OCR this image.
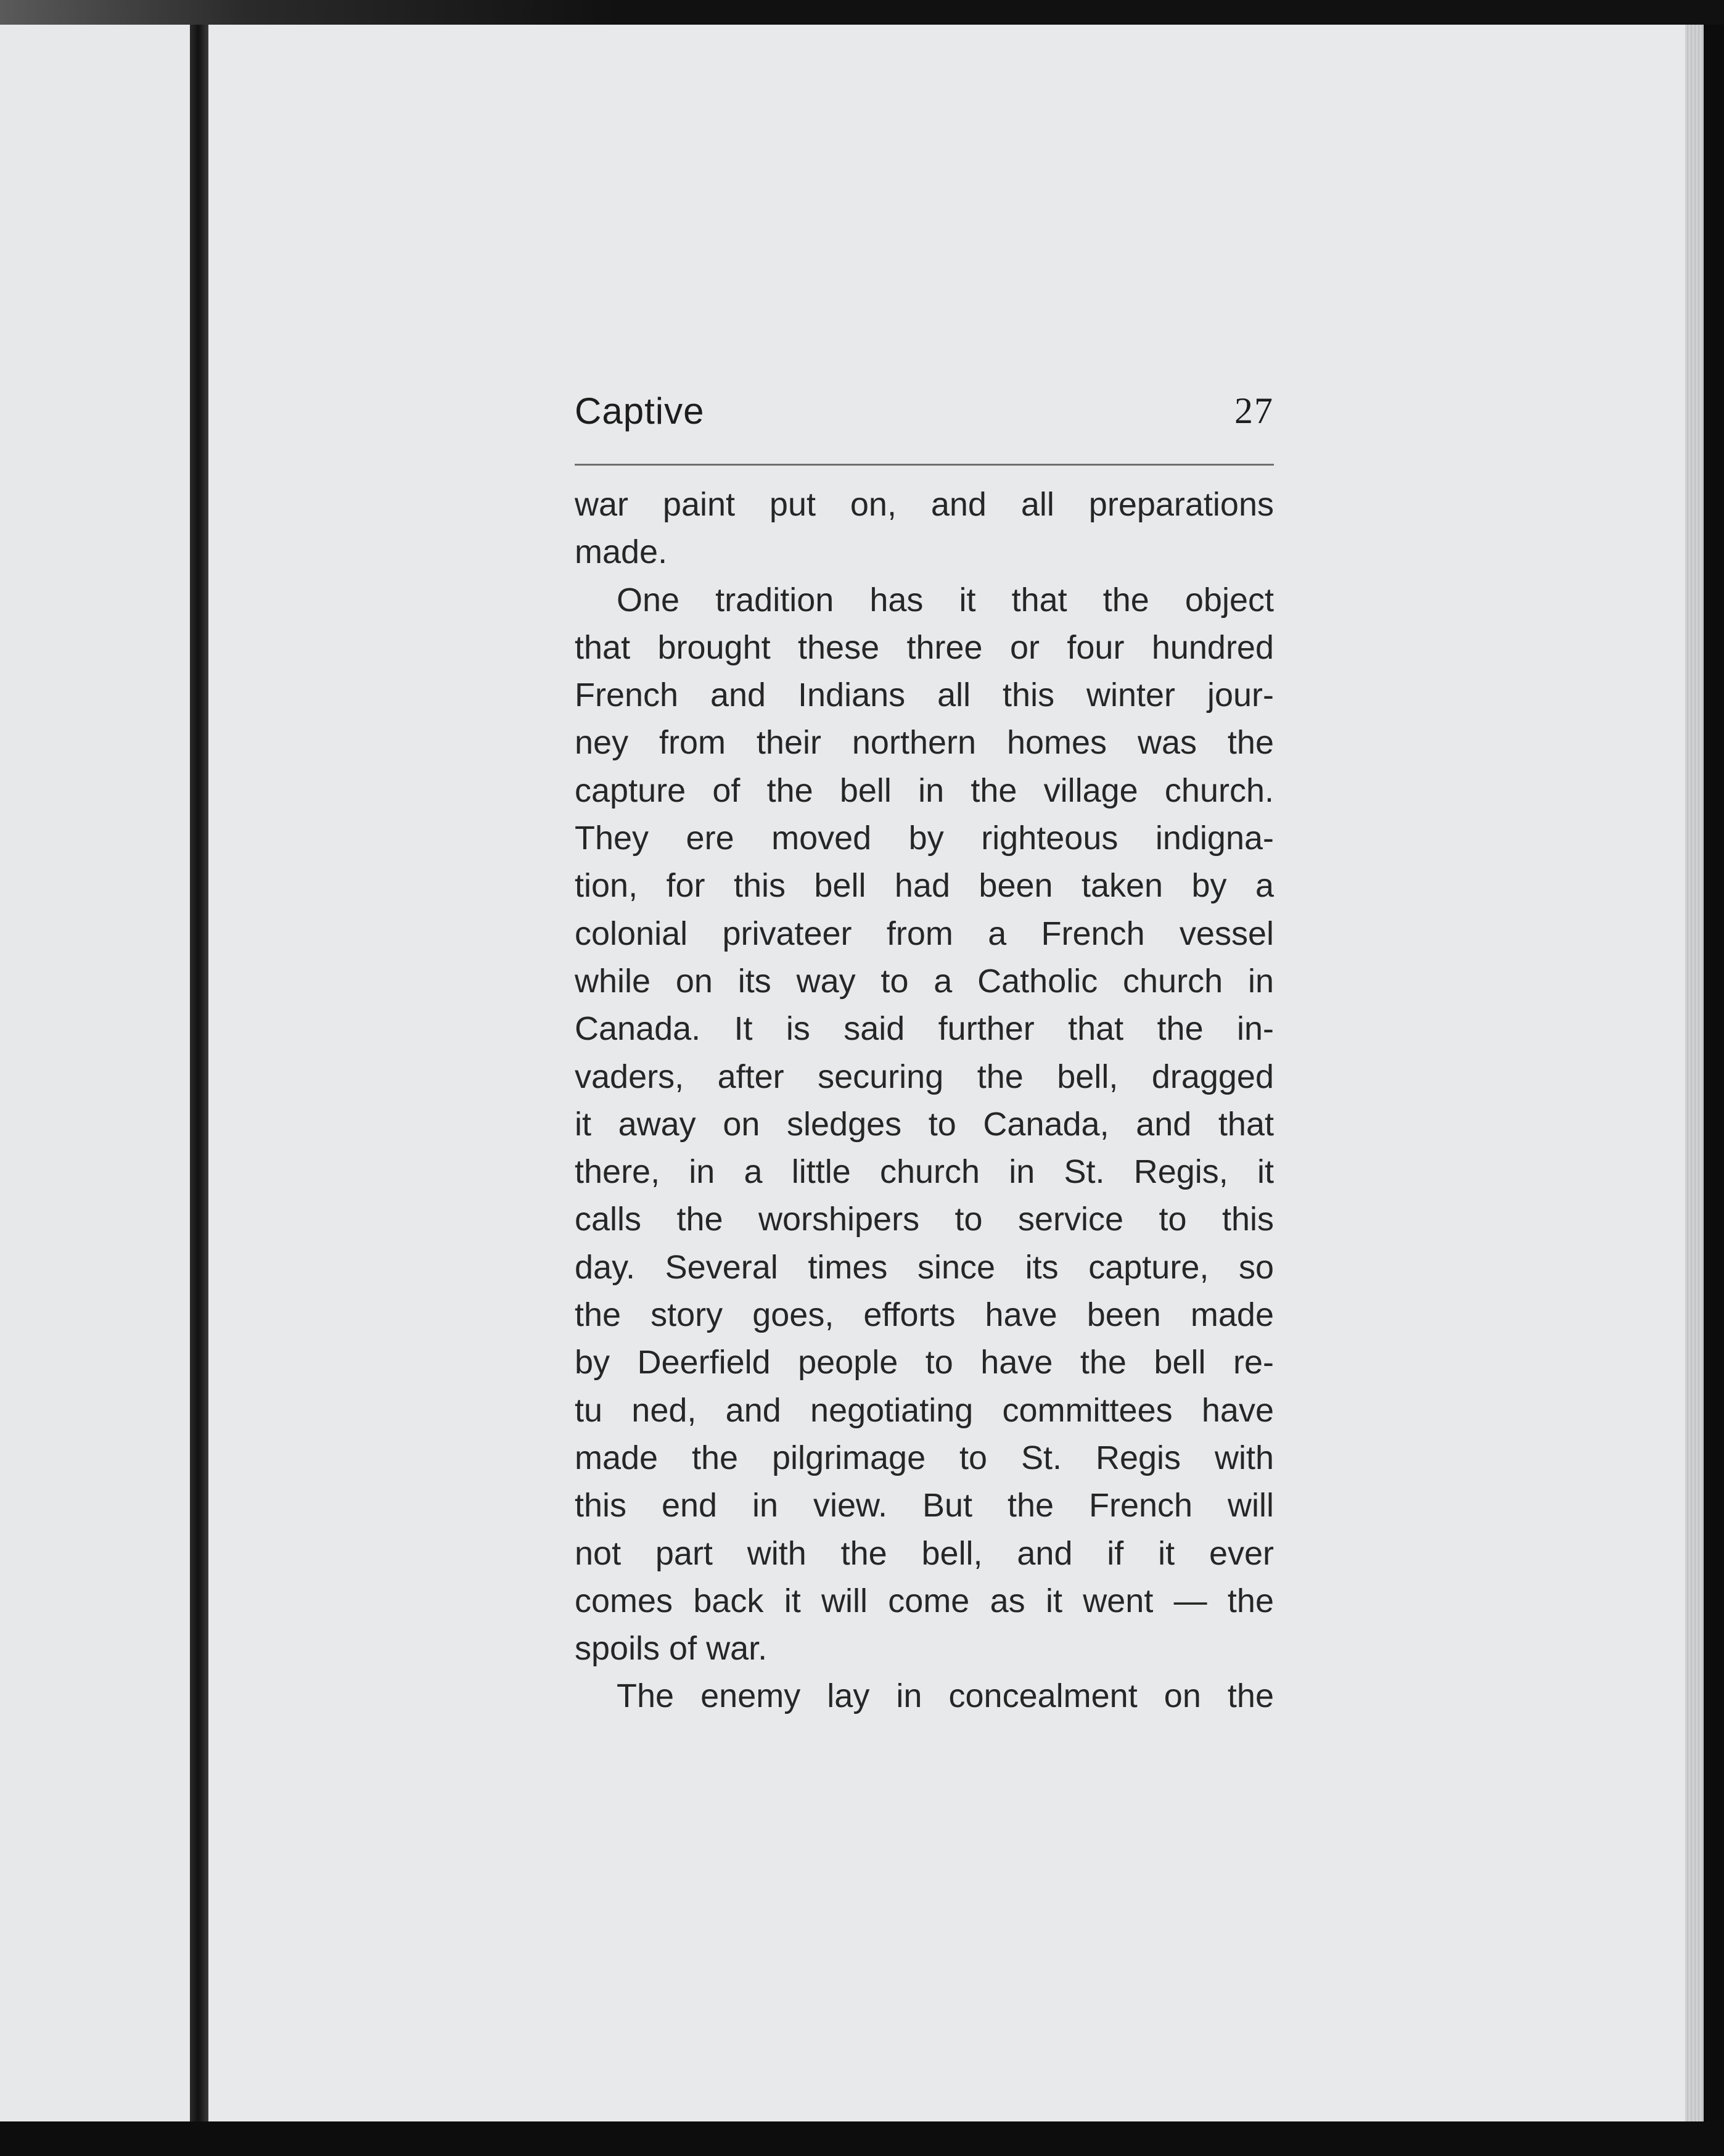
Captive	27
war paint put on, and all preparations
made.
One tradition has it that the object
that brought these three or four hundred
French and Indians all this winter jour-
ney from their northern homes was the
capture of the bell in the village church.
They ere moved by righteous indigna-
tion, for this bell had been taken by a
colonial privateer from a French vessel
while on its way to a Catholic church in
Canada. It is said further that the in-
vaders, after securing the bell, dragged
it away on sledges to Canada, and that
there, in a little church in St. Regis, it
calls the worshipers to service to this
day. Several times since its capture, so
the story goes, efforts have been made
by Deerfield people to have the bell re-
tu ned, and negotiating committees have
made the pilgrimage to St. Regis with
this end in view. But the French will
not part with the bell, and if it ever
comes back it will come as it went — the
spoils of war.
The enemy lay in concealment on the
